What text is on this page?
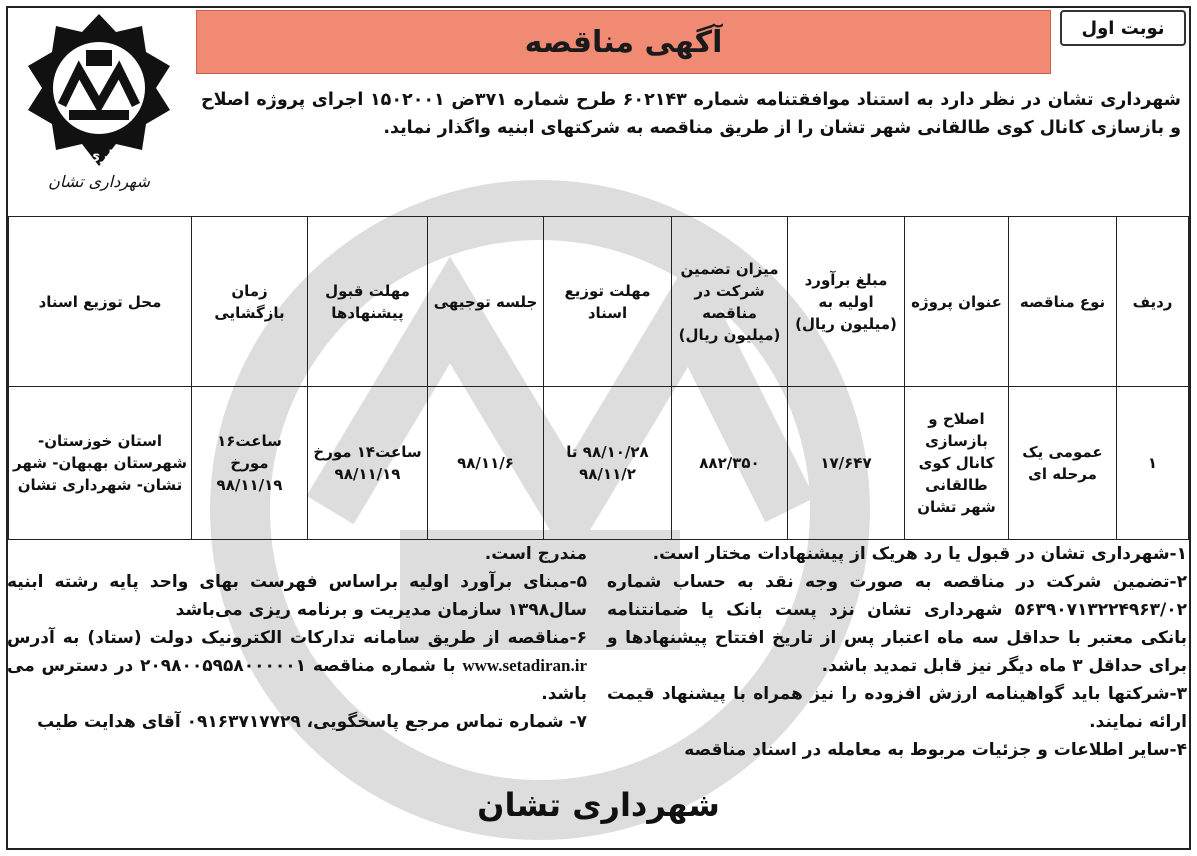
شهرداری تشان
شهرداری تشان
آگهی مناقصه	نوبت اول
شهرداری تشان در نظر دارد به استناد موافقتنامه شماره ۶۰۲۱۴۳ طرح شماره ۳۷۱ض ۱۵۰۲۰۰۱ اجرای پروژه اصلاح و بازسازی کانال کوی طالقانی شهر تشان را از طریق مناقصه به شرکتهای ابنیه واگذار نماید.
ردیف	نوع مناقصه	عنوان پروژه	مبلغ برآورد اولیه به (میلیون ریال)	میزان تضمین شرکت در مناقصه (میلیون ریال)	مهلت توزیع اسناد	جلسه توجیهی	مهلت قبول پیشنهادها	زمان بازگشایی	محل توزیع اسناد
۱	عمومی یک مرحله ای	اصلاح و بازسازی کانال کوی طالقانی شهر تشان	۱۷/۶۴۷	۸۸۲/۳۵۰	۹۸/۱۰/۲۸ تا ۹۸/۱۱/۲	۹۸/۱۱/۶	ساعت۱۴ مورخ ۹۸/۱۱/۱۹	ساعت۱۶ مورخ ۹۸/۱۱/۱۹	استان خوزستان- شهرستان بهبهان- شهر تشان- شهرداری تشان

۱-شهرداری تشان در قبول یا رد هریک از پیشنهادات مختار است.

۲-تضمین شرکت در مناقصه به صورت وجه نقد به حساب شماره ۵۶۳۹۰۷۱۳۲۲۴۹۶۳/۰۲ شهرداری تشان نزد پست بانک یا ضمانتنامه بانکی معتبر با حداقل سه ماه اعتبار پس از تاریخ افتتاح پیشنهادها و برای حداقل ۳ ماه دیگر نیز قابل تمدید باشد.

۳-شرکتها باید گواهینامه ارزش افزوده را نیز همراه با پیشنهاد قیمت ارائه نمایند.

۴-سایر اطلاعات و جزئیات مربوط به معامله در اسناد مناقصه

مندرج است.

۵-مبنای برآورد اولیه براساس فهرست بهای واحد پایه رشته ابنیه سال۱۳۹۸ سازمان مدیریت و برنامه ریزی می‌باشد

۶-مناقصه از طریق سامانه تدارکات الکترونیک دولت (ستاد) به آدرس www.setadiran.ir با شماره مناقصه ۲۰۹۸۰۰۵۹۵۸۰۰۰۰۰۱ در دسترس می باشد.

۷- شماره تماس مرجع پاسخگویی، ۰۹۱۶۳۷۱۷۷۲۹ آقای هدایت طیب

شهرداری تشان
